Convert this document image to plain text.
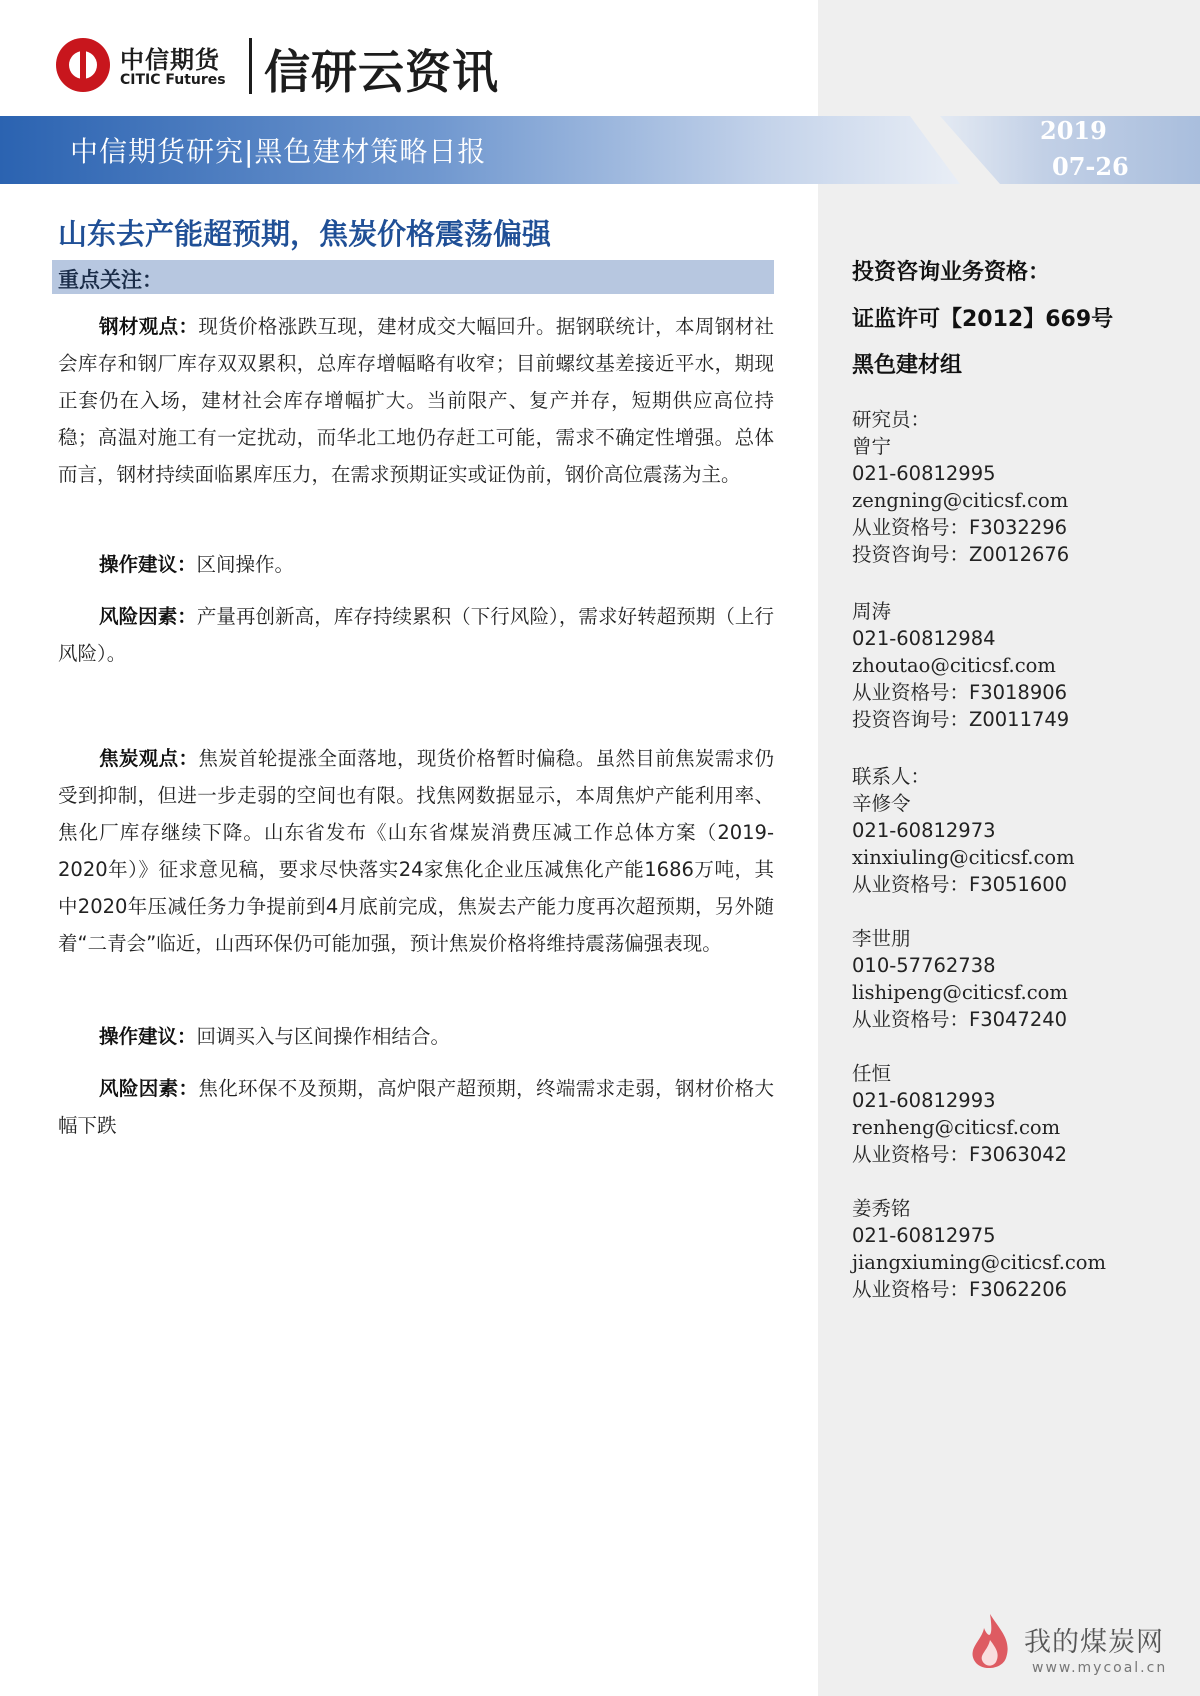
中信期货
CITIC Futures 信研云资讯
中信期货研究|黑色建材策略日报
2019
07-26
山东去产能超预期，焦炭价格震荡偏强
重点关注：
钢材观点：现货价格涨跌互现，建材成交大幅回升。据钢联统计，本周钢材社会库存和钢厂库存双双累积，总库存增幅略有收窄；目前螺纹基差接近平水，期现正套仍在入场，建材社会库存增幅扩大。当前限产、复产并存，短期供应高位持稳；高温对施工有一定扰动，而华北工地仍存赶工可能，需求不确定性增强。总体而言，钢材持续面临累库压力，在需求预期证实或证伪前，钢价高位震荡为主。
操作建议：区间操作。
风险因素：产量再创新高，库存持续累积（下行风险），需求好转超预期（上行风险）。
焦炭观点：焦炭首轮提涨全面落地，现货价格暂时偏稳。虽然目前焦炭需求仍受到抑制，但进一步走弱的空间也有限。找焦网数据显示，本周焦炉产能利用率、焦化厂库存继续下降。山东省发布《山东省煤炭消费压减工作总体方案（2019-2020年）》征求意见稿，要求尽快落实24家焦化企业压减焦化产能1686万吨，其中2020年压减任务力争提前到4月底前完成，焦炭去产能力度再次超预期，另外随着“二青会”临近，山西环保仍可能加强，预计焦炭价格将维持震荡偏强表现。
操作建议：回调买入与区间操作相结合。
风险因素：焦化环保不及预期，高炉限产超预期，终端需求走弱，钢材价格大幅下跌
投资咨询业务资格：
证监许可【2012】669号
黑色建材组
研究员：
曾宁
021-60812995
zengning@citicsf.com
从业资格号：F3032296
投资咨询号：Z0012676
周涛
021-60812984
zhoutao@citicsf.com
从业资格号：F3018906
投资咨询号：Z0011749
联系人：
辛修令
021-60812973
xinxiuling@citicsf.com
从业资格号：F3051600
李世朋
010-57762738
lishipeng@citicsf.com
从业资格号：F3047240
任恒
021-60812993
renheng@citicsf.com
从业资格号：F3063042
姜秀铭
021-60812975
jiangxiuming@citicsf.com
从业资格号：F3062206
我的煤炭网
www.mycoal.cn
